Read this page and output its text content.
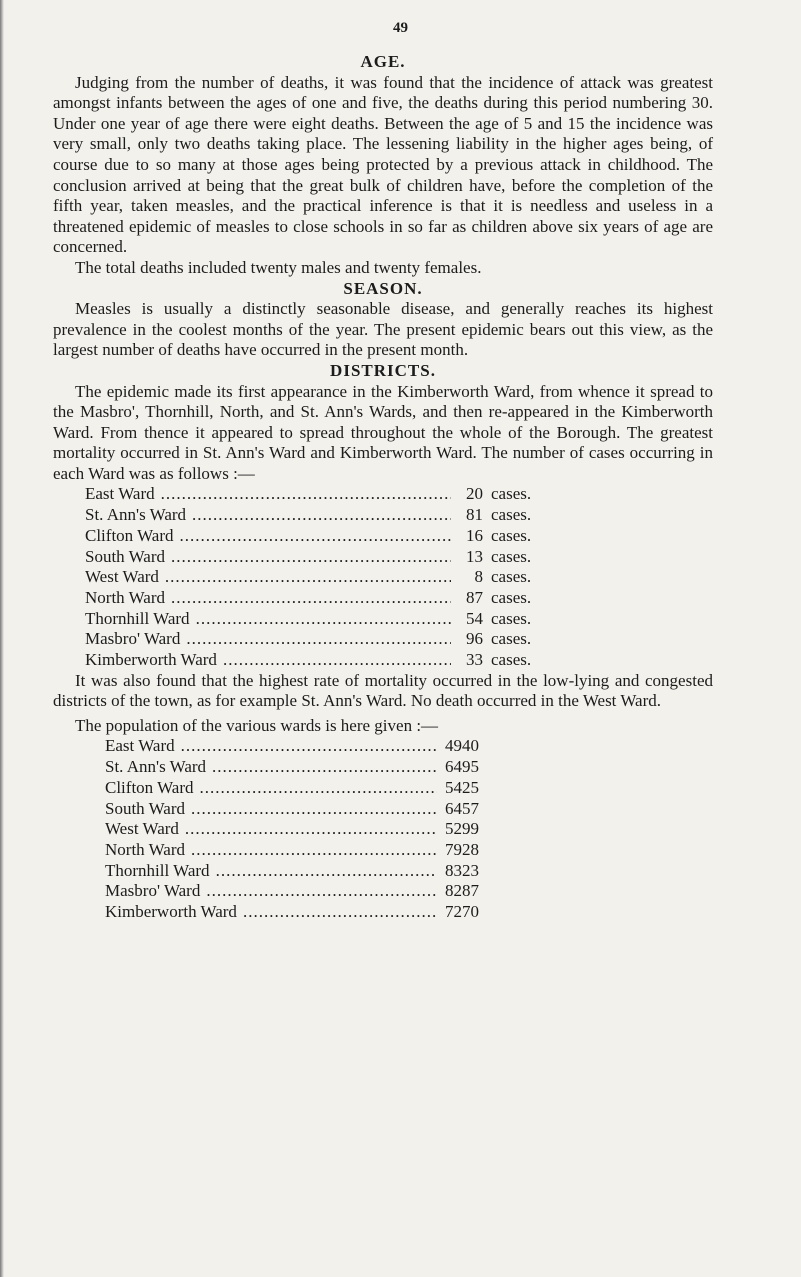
49
AGE.

Judging from the number of deaths, it was found that the incidence of attack was greatest amongst infants between the ages of one and five, the deaths during this period numbering 30. Under one year of age there were eight deaths. Between the age of 5 and 15 the incidence was very small, only two deaths taking place. The lessening liability in the higher ages being, of course due to so many at those ages being protected by a previous attack in childhood. The conclusion arrived at being that the great bulk of children have, before the completion of the fifth year, taken measles, and the practical inference is that it is needless and useless in a threatened epidemic of measles to close schools in so far as children above six years of age are concerned.

The total deaths included twenty males and twenty females.

SEASON.

Measles is usually a distinctly seasonable disease, and generally reaches its highest prevalence in the coolest months of the year. The present epidemic bears out this view, as the largest number of deaths have occurred in the present month.

DISTRICTS.

The epidemic made its first appearance in the Kimberworth Ward, from whence it spread to the Masbro', Thornhill, North, and St. Ann's Wards, and then re-appeared in the Kimberworth Ward. From thence it appeared to spread throughout the whole of the Borough. The greatest mortality occurred in St. Ann's Ward and Kimberworth Ward. The number of cases occurring in each Ward was as follows :—

East Ward .....	20 cases.
St. Ann's Ward .....	81 cases.
Clifton Ward .....	16 cases.
South Ward .....	13 cases.
West Ward .....	8 cases.
North Ward .....	87 cases.
Thornhill Ward .....	54 cases.
Masbro' Ward .....	96 cases.
Kimberworth Ward .....	33 cases.

It was also found that the highest rate of mortality occurred in the low-lying and congested districts of the town, as for example St. Ann's Ward. No death occurred in the West Ward.

The population of the various wards is here given :—

East Ward .....	4940
St. Ann's Ward .....	6495
Clifton Ward .....	5425
South Ward .....	6457
West Ward .....	5299
North Ward .....	7928
Thornhill Ward .....	8323
Masbro' Ward .....	8287
Kimberworth Ward .....	7270
